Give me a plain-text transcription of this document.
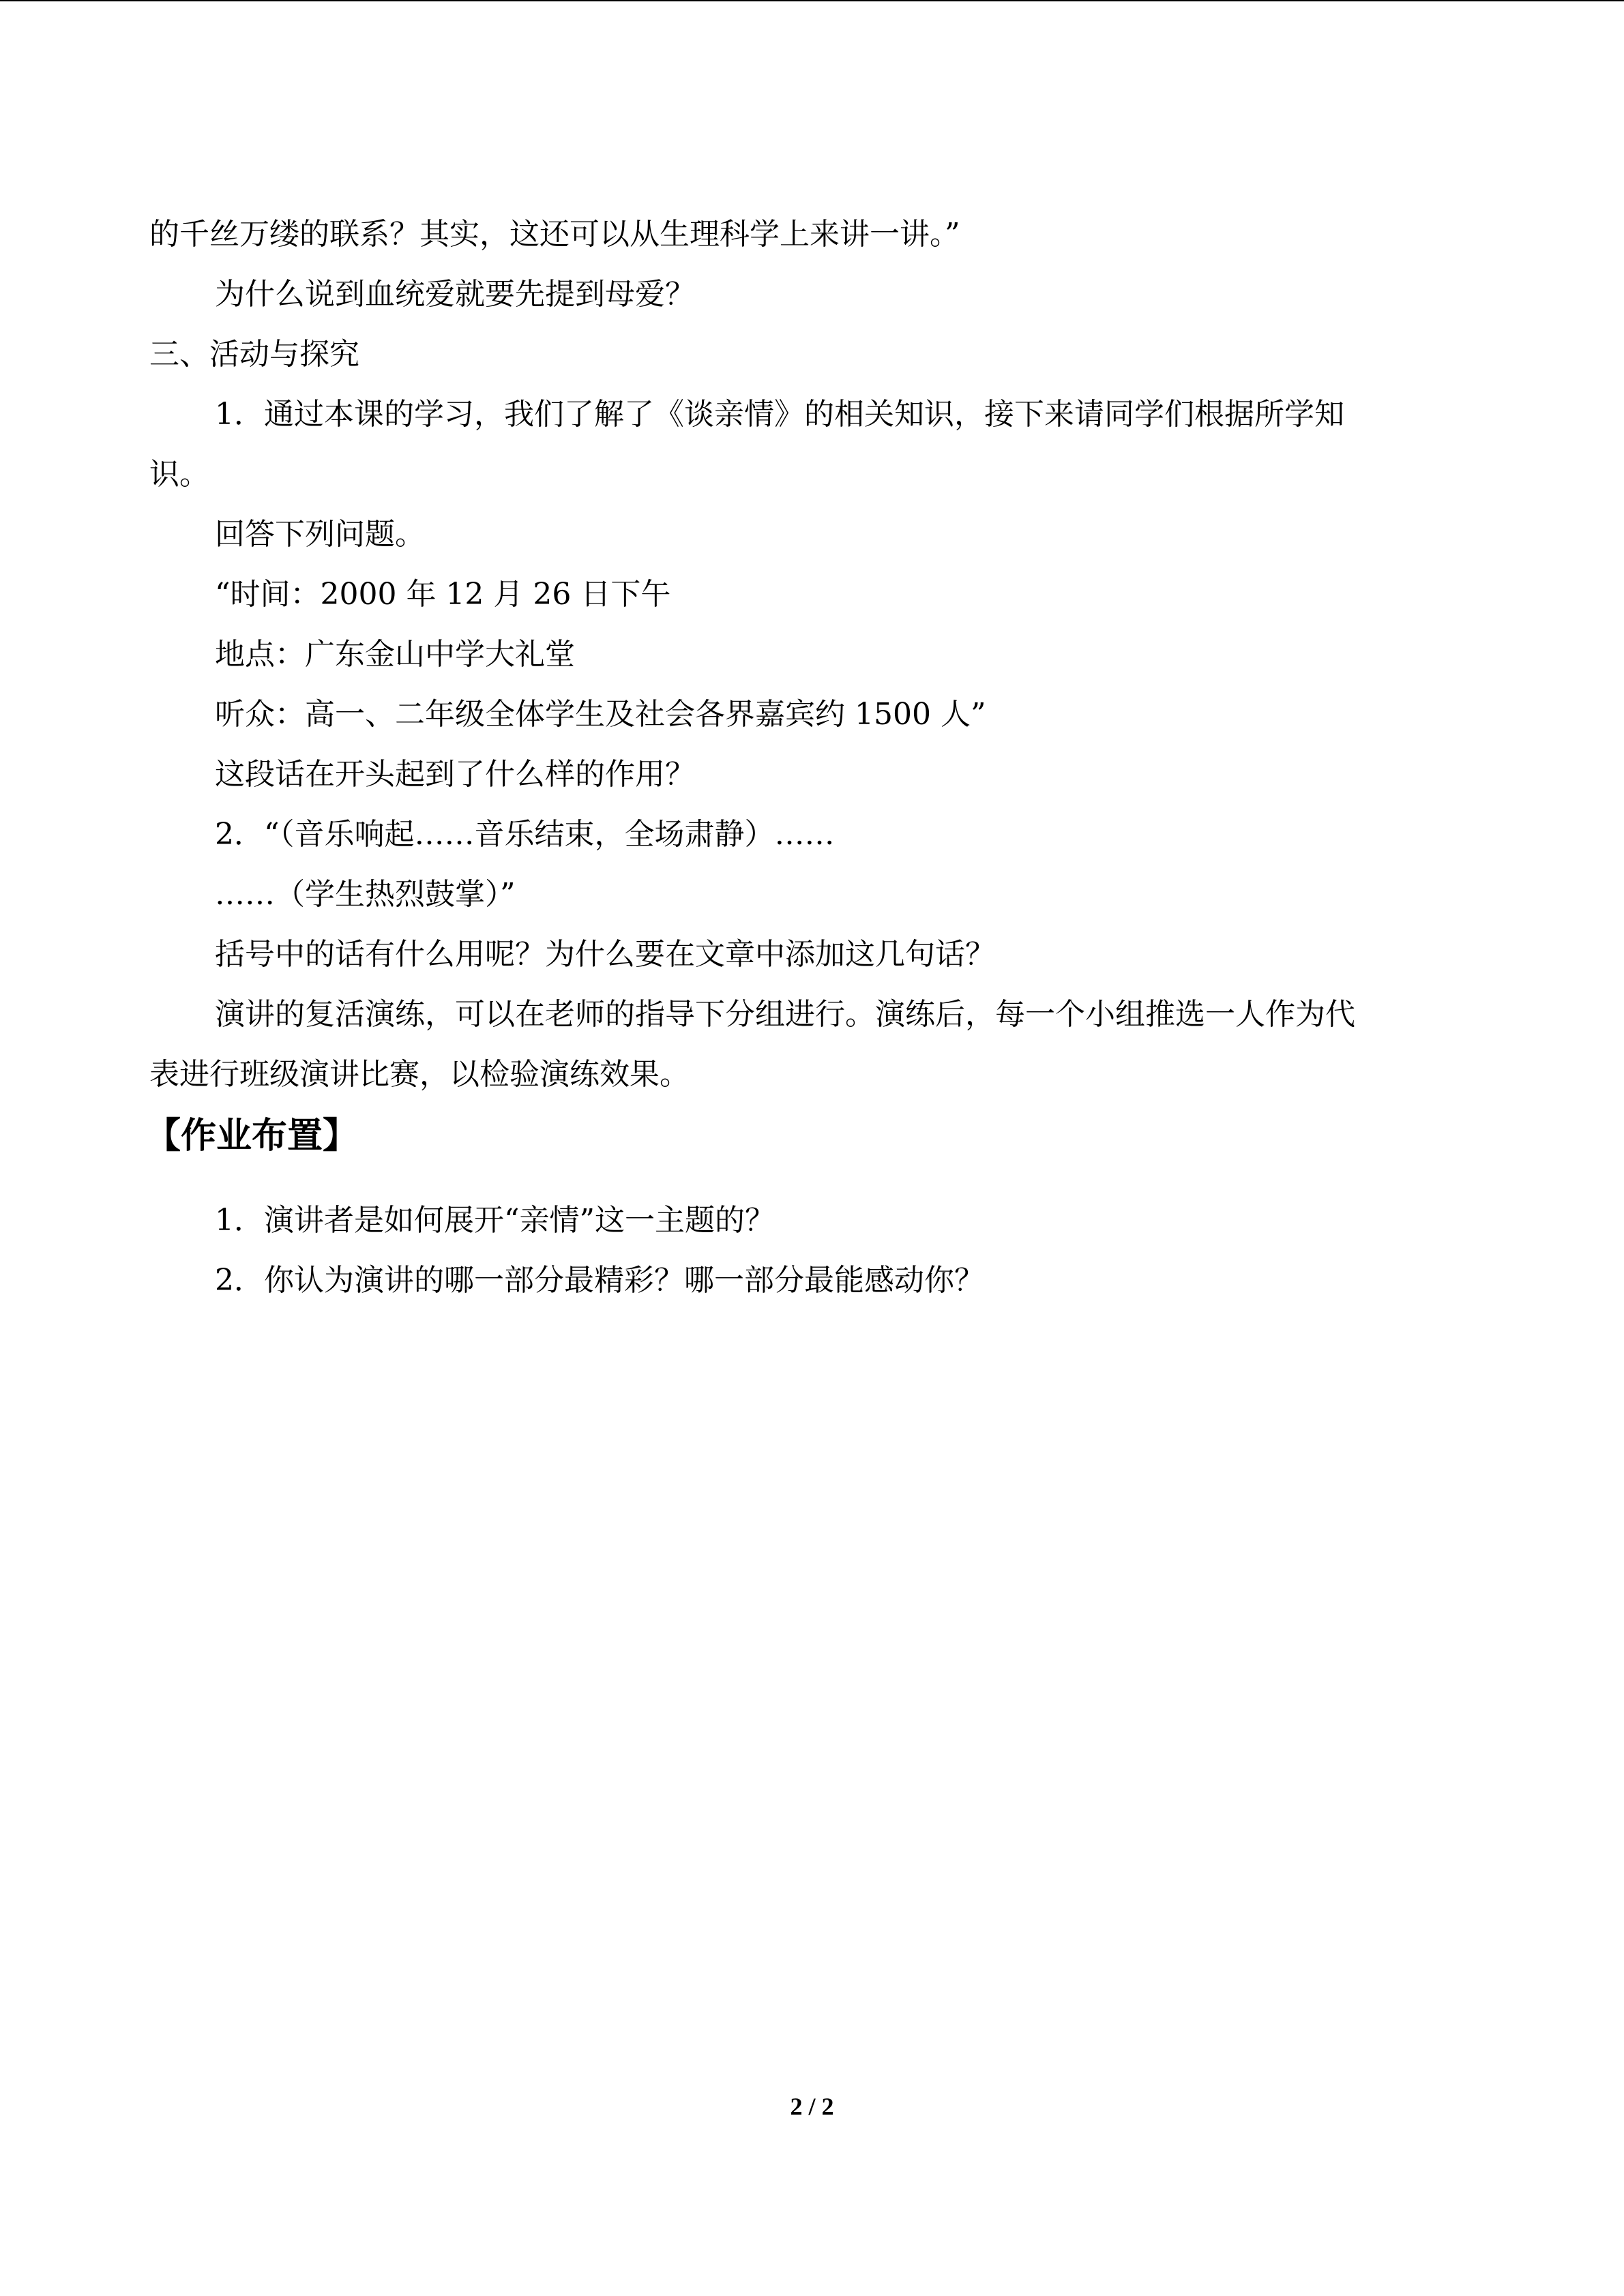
的千丝万缕的联系？其实，这还可以从生理科学上来讲一讲。”
为什么说到血统爱就要先提到母爱？
三、活动与探究
1．通过本课的学习，我们了解了《谈亲情》的相关知识，接下来请同学们根据所学知
识。
回答下列问题。
“时间：2000 年 12 月 26 日下午
地点：广东金山中学大礼堂
听众：高一、二年级全体学生及社会各界嘉宾约 1500 人”
这段话在开头起到了什么样的作用？
2．“（音乐响起……音乐结束，全场肃静）……
……（学生热烈鼓掌）”
括号中的话有什么用呢？为什么要在文章中添加这几句话？
演讲的复活演练，可以在老师的指导下分组进行。演练后，每一个小组推选一人作为代
表进行班级演讲比赛，以检验演练效果。
【作业布置】
1．演讲者是如何展开“亲情”这一主题的？
2．你认为演讲的哪一部分最精彩？哪一部分最能感动你？
2 / 2
